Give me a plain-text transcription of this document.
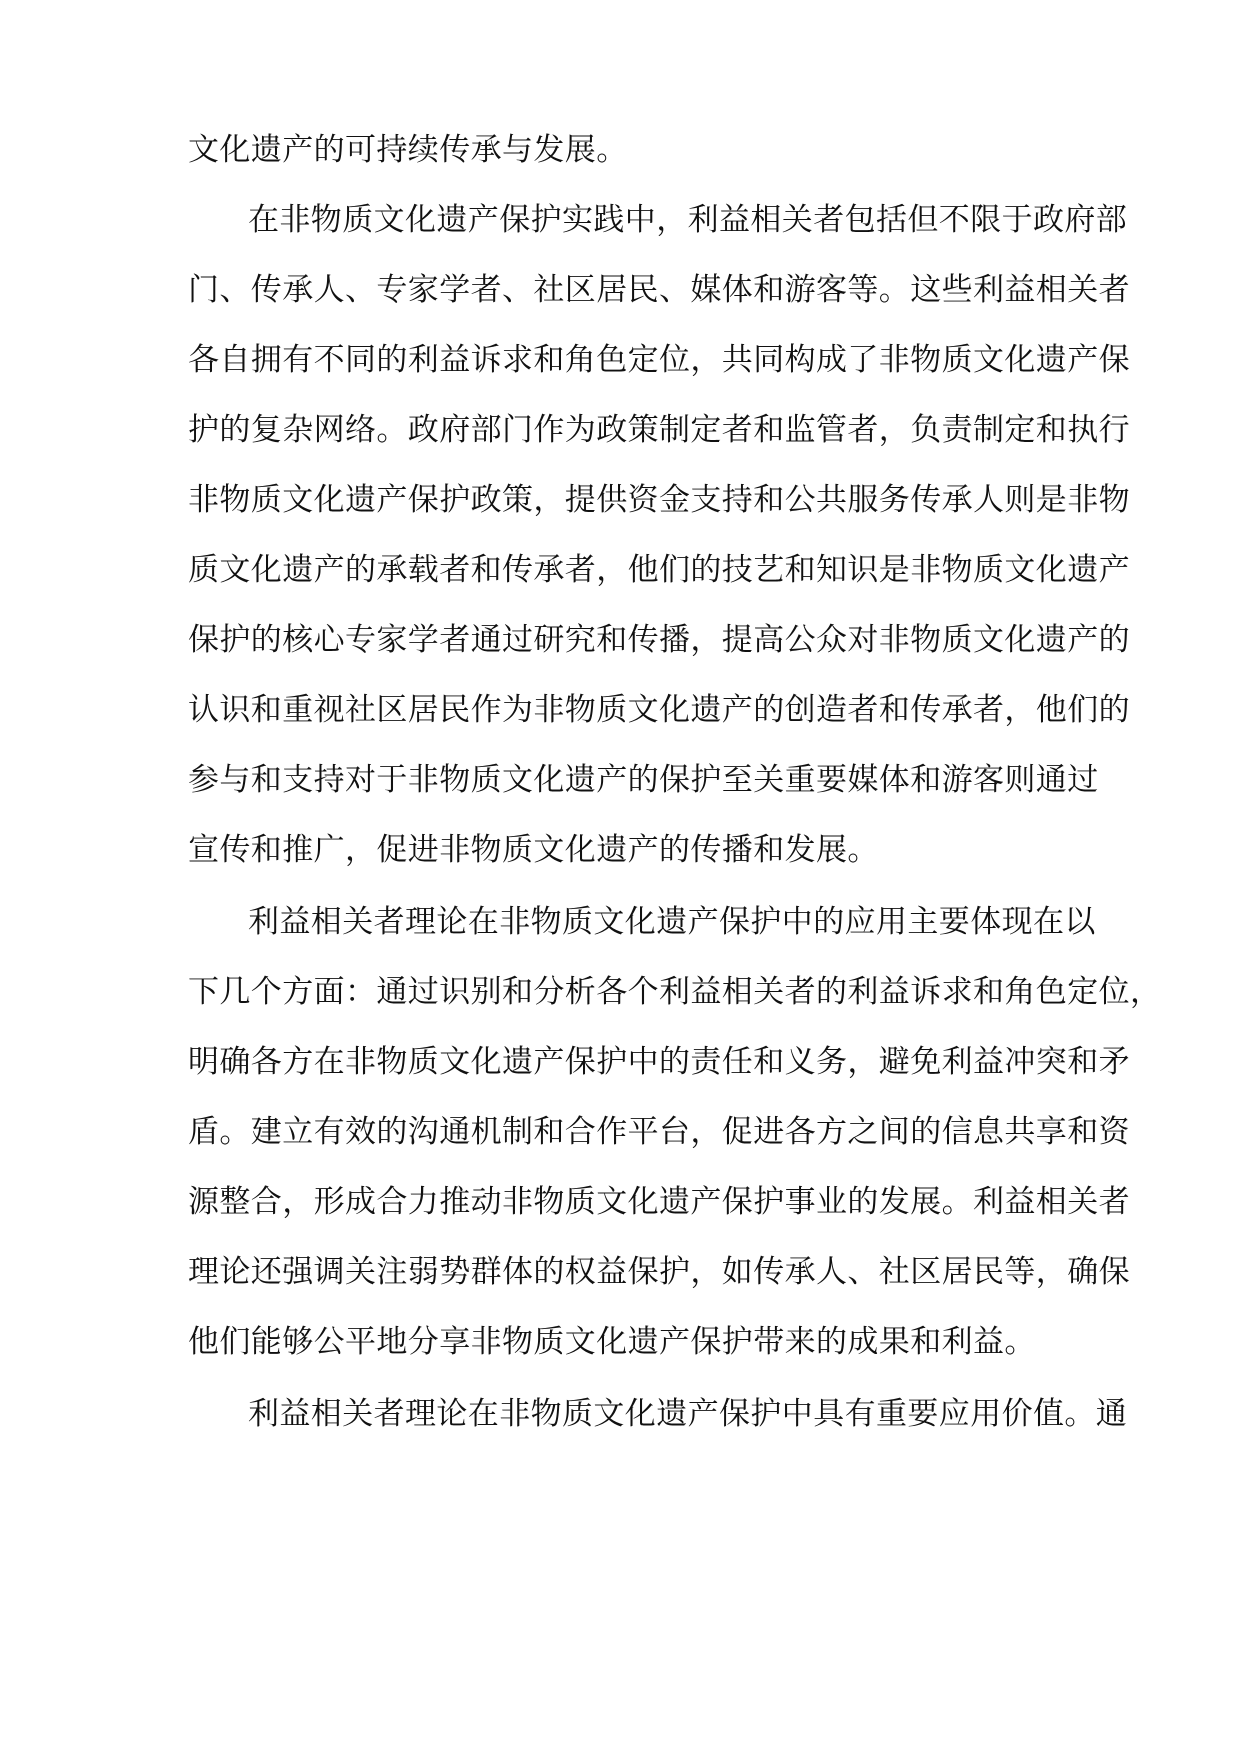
文化遗产的可持续传承与发展。
在非物质文化遗产保护实践中，利益相关者包括但不限于政府部
门、传承人、专家学者、社区居民、媒体和游客等。这些利益相关者
各自拥有不同的利益诉求和角色定位，共同构成了非物质文化遗产保
护的复杂网络。政府部门作为政策制定者和监管者，负责制定和执行
非物质文化遗产保护政策，提供资金支持和公共服务传承人则是非物
质文化遗产的承载者和传承者，他们的技艺和知识是非物质文化遗产
保护的核心专家学者通过研究和传播，提高公众对非物质文化遗产的
认识和重视社区居民作为非物质文化遗产的创造者和传承者，他们的
参与和支持对于非物质文化遗产的保护至关重要媒体和游客则通过
宣传和推广，促进非物质文化遗产的传播和发展。
利益相关者理论在非物质文化遗产保护中的应用主要体现在以
下几个方面：通过识别和分析各个利益相关者的利益诉求和角色定位，
明确各方在非物质文化遗产保护中的责任和义务，避免利益冲突和矛
盾。建立有效的沟通机制和合作平台，促进各方之间的信息共享和资
源整合，形成合力推动非物质文化遗产保护事业的发展。利益相关者
理论还强调关注弱势群体的权益保护，如传承人、社区居民等，确保
他们能够公平地分享非物质文化遗产保护带来的成果和利益。
利益相关者理论在非物质文化遗产保护中具有重要应用价值。通
